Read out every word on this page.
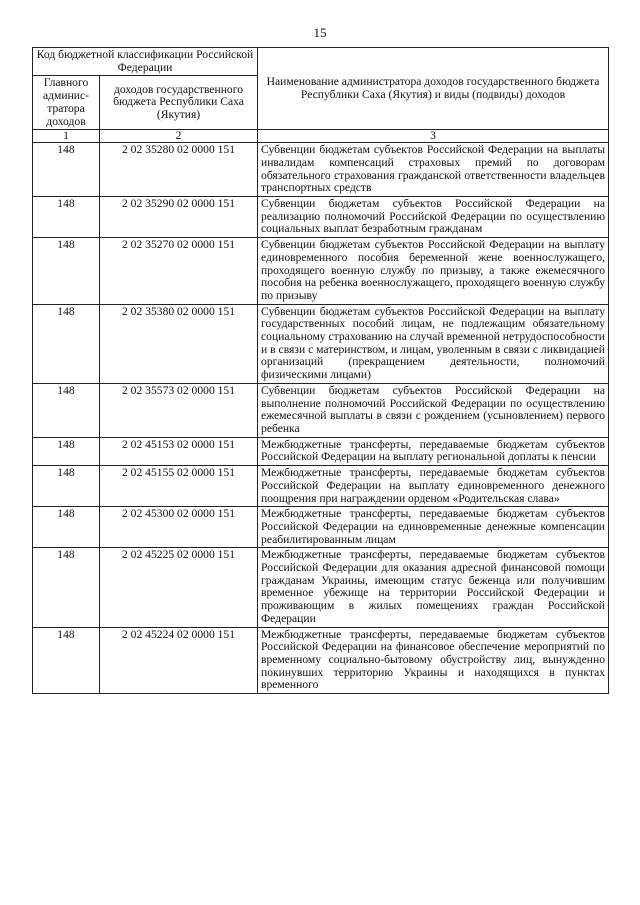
15
Код бюджетной классификации Российской Федерации		Наименование администратора доходов государственного бюджета Республики Саха (Якутия) и виды (подвиды) доходов
Главного админис-тратора доходов	доходов государственного бюджета Республики Саха (Якутия)	
1	2	3
148	2 02 35280 02 0000 151	Субвенции бюджетам субъектов Российской Федерации на выплаты инвалидам компенсаций страховых премий по договорам обязательного страхования гражданской ответственности владельцев транспортных средств
148	2 02 35290 02 0000 151	Субвенции бюджетам субъектов Российской Федерации на реализацию полномочий Российской Федерации по осуществлению социальных выплат безработным гражданам
148	2 02 35270 02 0000 151	Субвенции бюджетам субъектов Российской Федерации на выплату единовременного пособия беременной жене военнослужащего, проходящего военную службу по призыву, а также ежемесячного пособия на ребенка военнослужащего, проходящего военную службу по призыву
148	2 02 35380 02 0000 151	Субвенции бюджетам субъектов Российской Федерации на выплату государственных пособий лицам, не подлежащим обязательному социальному страхованию на случай временной нетрудоспособности и в связи с материнством, и лицам, уволенным в связи с ликвидацией организаций (прекращением деятельности, полномочий физическими лицами)
148	2 02 35573 02 0000 151	Субвенции бюджетам субъектов Российской Федерации на выполнение полномочий Российской Федерации по осуществлению ежемесячной выплаты в связи с рождением (усыновлением) первого ребенка
148	2 02 45153 02 0000 151	Межбюджетные трансферты, передаваемые бюджетам субъектов Российской Федерации на выплату региональной доплаты к пенсии
148	2 02 45155 02 0000 151	Межбюджетные трансферты, передаваемые бюджетам субъектов Российской Федерации на выплату единовременного денежного поощрения при награждении орденом «Родительская слава»
148	2 02 45300 02 0000 151	Межбюджетные трансферты, передаваемые бюджетам субъектов Российской Федерации на единовременные денежные компенсации реабилитированным лицам
148	2 02 45225 02 0000 151	Межбюджетные трансферты, передаваемые бюджетам субъектов Российской Федерации для оказания адресной финансовой помощи гражданам Украины, имеющим статус беженца или получившим временное убежище на территории Российской Федерации и проживающим в жилых помещениях граждан Российской Федерации
148	2 02 45224 02 0000 151	Межбюджетные трансферты, передаваемые бюджетам субъектов Российской Федерации на финансовое обеспечение мероприятий по временному социально-бытовому обустройству лиц, вынужденно покинувших территорию Украины и находящихся в пунктах временного
